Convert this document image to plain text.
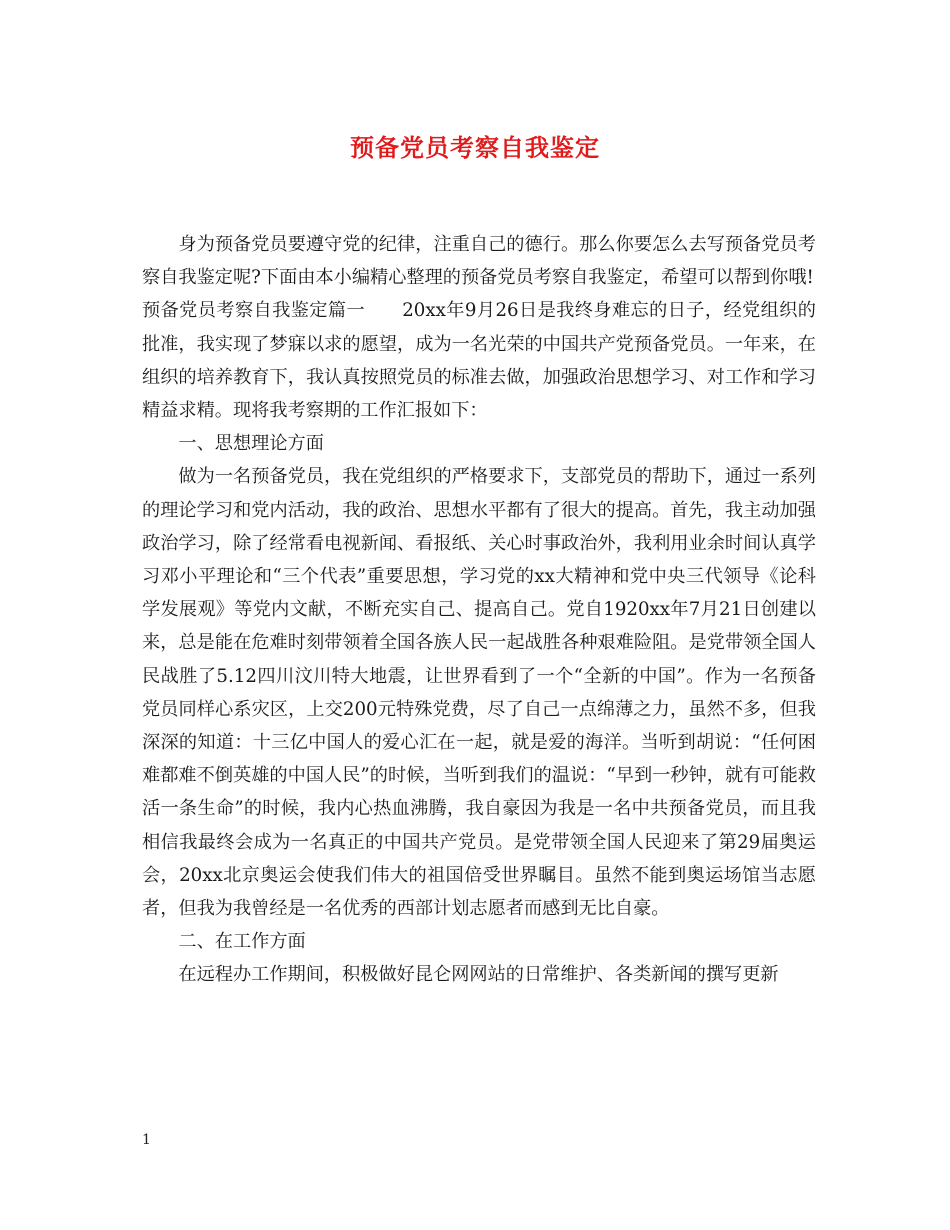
预备党员考察自我鉴定

身为预备党员要遵守党的纪律，注重自己的德行。那么你要怎么去写预备党员考察自我鉴定呢?下面由本小编精心整理的预备党员考察自我鉴定，希望可以帮到你哦!

预备党员考察自我鉴定篇一　　20xx年9月26日是我终身难忘的日子，经党组织的批准，我实现了梦寐以求的愿望，成为一名光荣的中国共产党预备党员。一年来，在组织的培养教育下，我认真按照党员的标准去做，加强政治思想学习、对工作和学习精益求精。现将我考察期的工作汇报如下：

一、思想理论方面

做为一名预备党员，我在党组织的严格要求下，支部党员的帮助下，通过一系列的理论学习和党内活动，我的政治、思想水平都有了很大的提高。首先，我主动加强政治学习，除了经常看电视新闻、看报纸、关心时事政治外，我利用业余时间认真学习邓小平理论和“三个代表”重要思想，学习党的xx大精神和党中央三代领导《论科学发展观》等党内文献，不断充实自己、提高自己。党自1920xx年7月21日创建以来，总是能在危难时刻带领着全国各族人民一起战胜各种艰难险阻。是党带领全国人民战胜了5.12四川汶川特大地震，让世界看到了一个“全新的中国”。作为一名预备党员同样心系灾区，上交200元特殊党费，尽了自己一点绵薄之力，虽然不多，但我深深的知道：十三亿中国人的爱心汇在一起，就是爱的海洋。当听到胡说：“任何困难都难不倒英雄的中国人民”的时候，当听到我们的温说：“早到一秒钟，就有可能救活一条生命”的时候，我内心热血沸腾，我自豪因为我是一名中共预备党员，而且我相信我最终会成为一名真正的中国共产党员。是党带领全国人民迎来了第29届奥运会，20xx北京奥运会使我们伟大的祖国倍受世界瞩目。虽然不能到奥运场馆当志愿者，但我为我曾经是一名优秀的西部计划志愿者而感到无比自豪。

二、在工作方面

在远程办工作期间，积极做好昆仑网网站的日常维护、各类新闻的撰写更新

1
